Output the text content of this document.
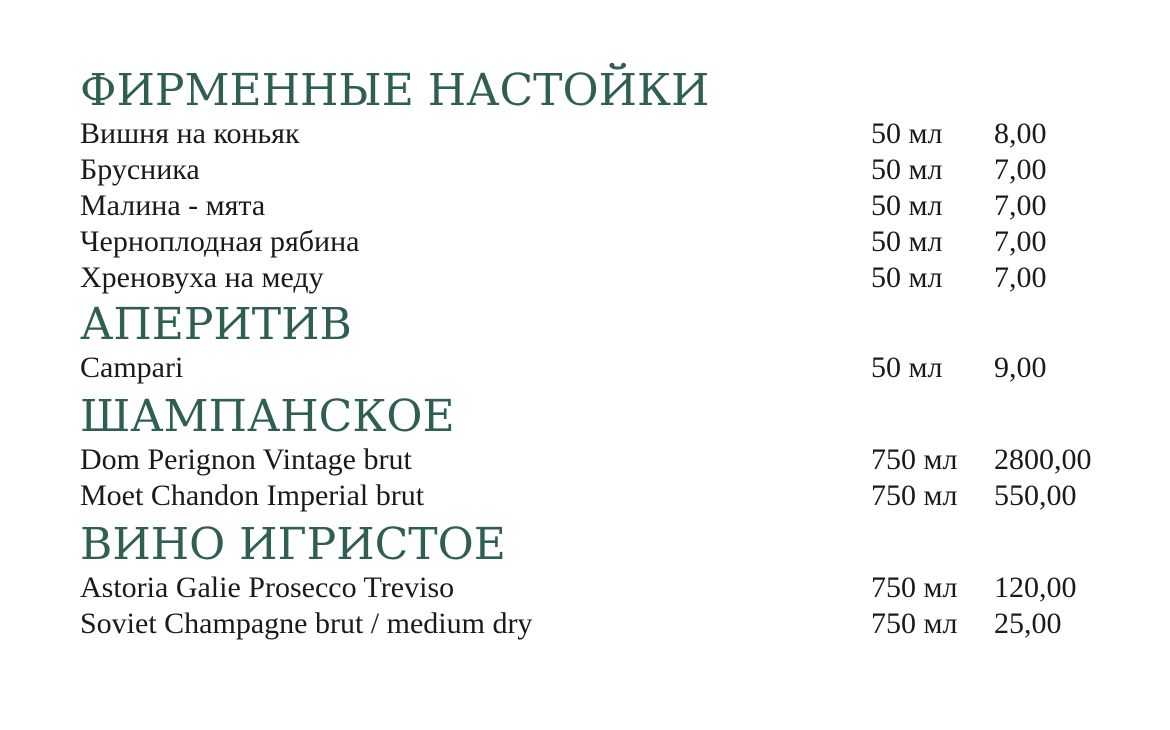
ФИРМЕННЫЕ НАСТОЙКИ
Вишня на коньяк	50 мл 8,00
Брусника	50 мл 7,00
Малина - мята	50 мл 7,00
Черноплодная рябина	50 мл 7,00
Хреновуха на меду	50 мл 7,00
АПЕРИТИВ
Campari	50 мл 9,00
ШАМПАНСКОЕ
Dom Perignon Vintage brut	750 мл 2800,00
Moet Chandon Imperial brut	750 мл 550,00
ВИНО ИГРИСТОЕ
Astoria Galie Prosecco Treviso	750 мл 120,00
Soviet Champagne brut / medium dry	750 мл 25,00
